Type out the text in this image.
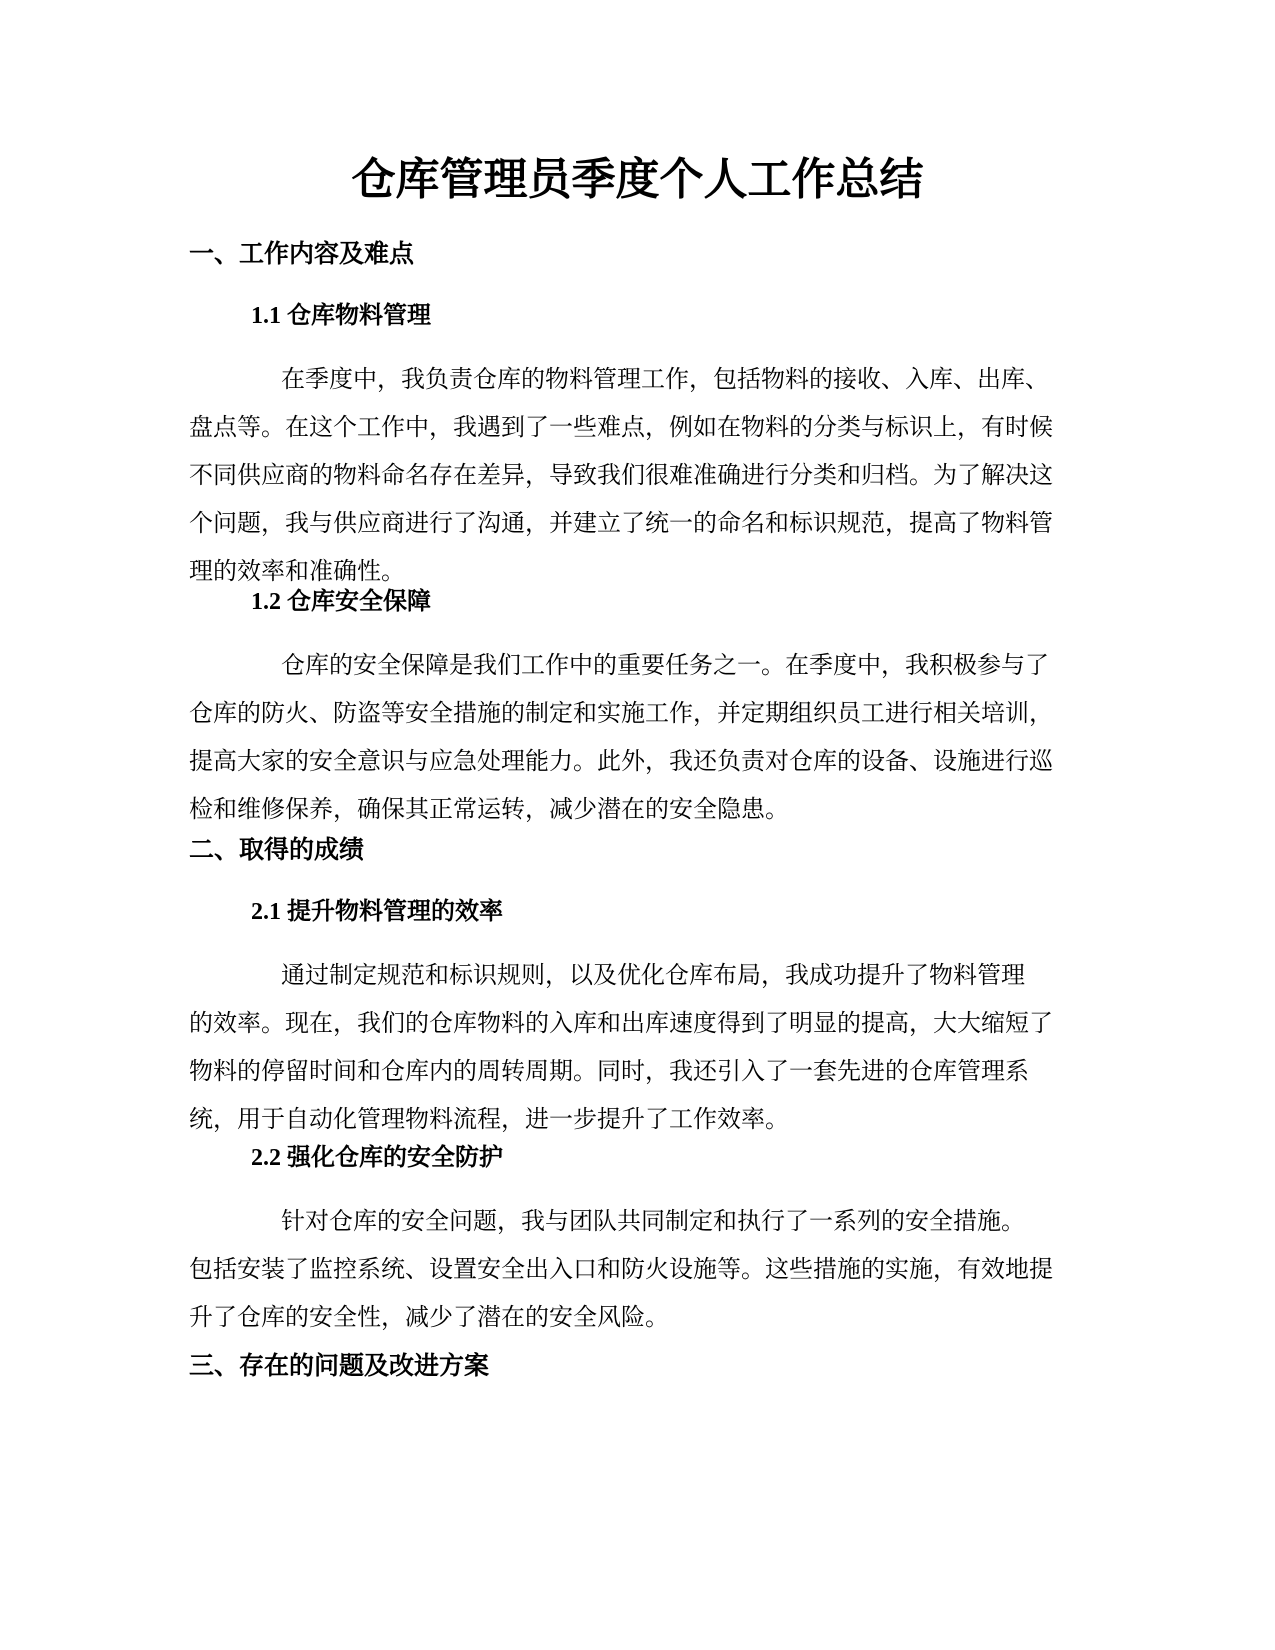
仓库管理员季度个人工作总结
一、工作内容及难点
1.1 仓库物料管理
在季度中，我负责仓库的物料管理工作，包括物料的接收、入库、出库、
盘点等。在这个工作中，我遇到了一些难点，例如在物料的分类与标识上，有时候
不同供应商的物料命名存在差异，导致我们很难准确进行分类和归档。为了解决这
个问题，我与供应商进行了沟通，并建立了统一的命名和标识规范，提高了物料管
理的效率和准确性。
1.2 仓库安全保障
仓库的安全保障是我们工作中的重要任务之一。在季度中，我积极参与了
仓库的防火、防盗等安全措施的制定和实施工作，并定期组织员工进行相关培训，
提高大家的安全意识与应急处理能力。此外，我还负责对仓库的设备、设施进行巡
检和维修保养，确保其正常运转，减少潜在的安全隐患。
二、取得的成绩
2.1 提升物料管理的效率
通过制定规范和标识规则，以及优化仓库布局，我成功提升了物料管理
的效率。现在，我们的仓库物料的入库和出库速度得到了明显的提高，大大缩短了
物料的停留时间和仓库内的周转周期。同时，我还引入了一套先进的仓库管理系
统，用于自动化管理物料流程，进一步提升了工作效率。
2.2 强化仓库的安全防护
针对仓库的安全问题，我与团队共同制定和执行了一系列的安全措施。
包括安装了监控系统、设置安全出入口和防火设施等。这些措施的实施，有效地提
升了仓库的安全性，减少了潜在的安全风险。
三、存在的问题及改进方案
